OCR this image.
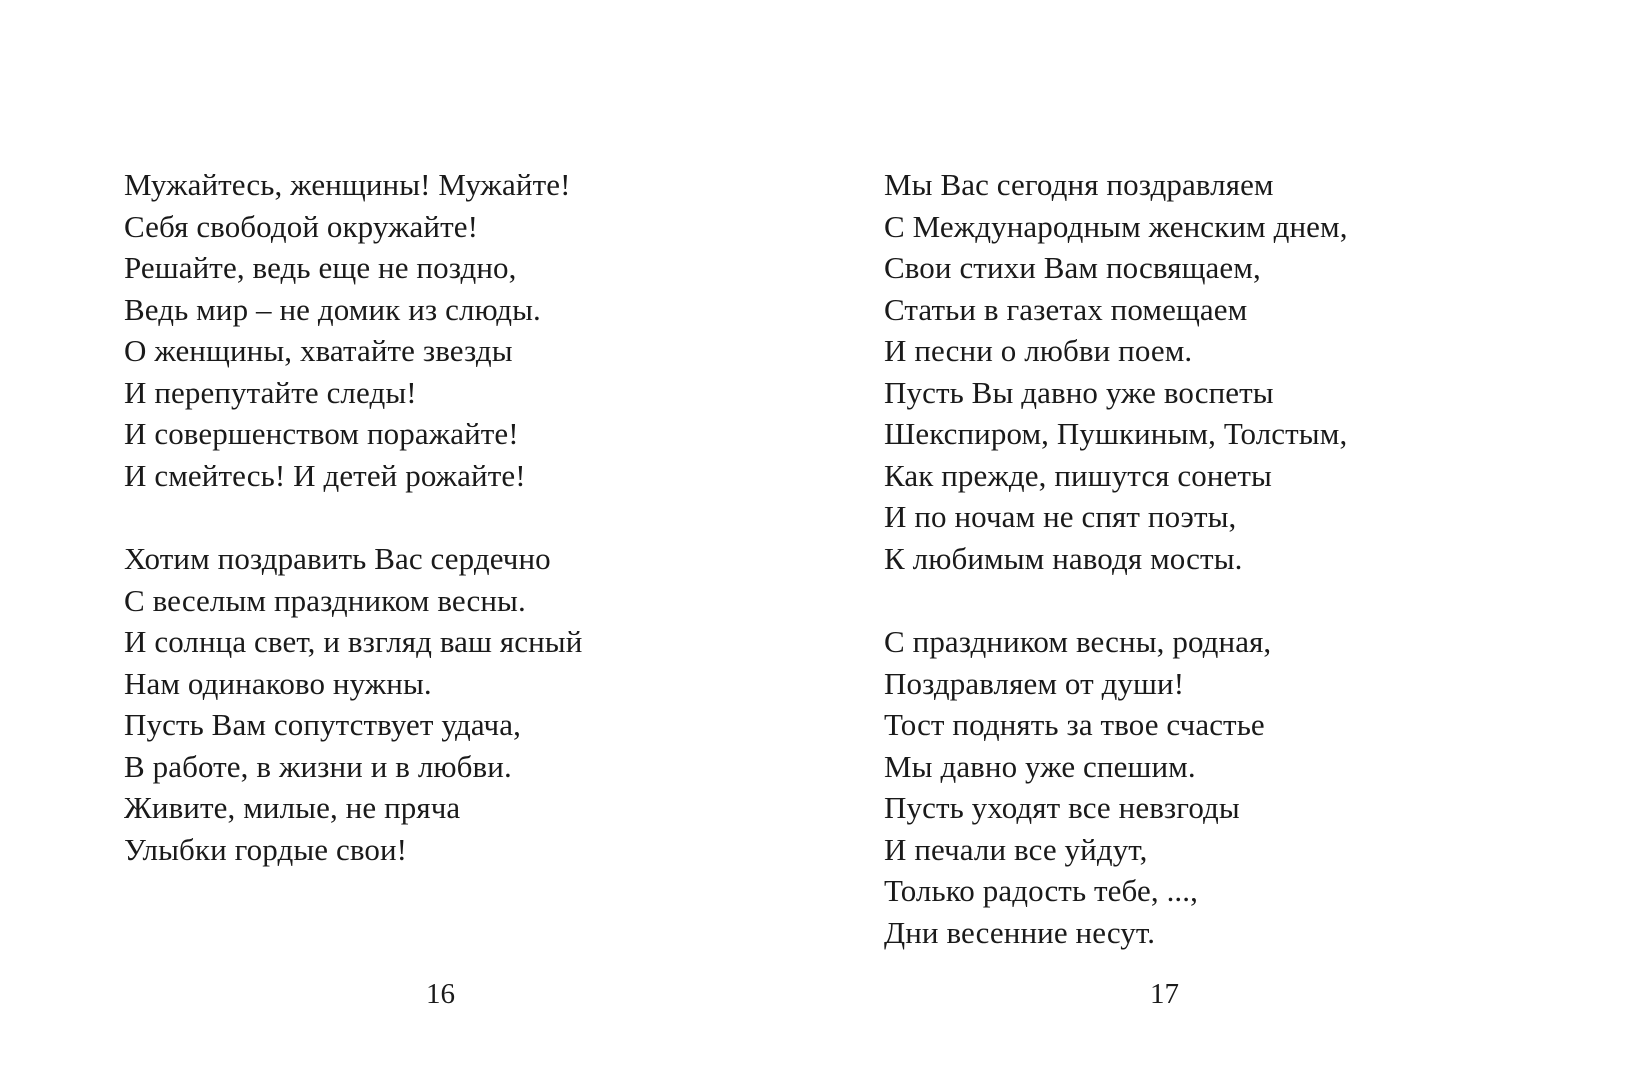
Мужайтесь, женщины! Мужайте!
Себя свободой окружайте!
Решайте, ведь еще не поздно,
Ведь мир – не домик из слюды.
О женщины, хватайте звезды
И перепутайте следы!
И совершенством поражайте!
И смейтесь! И детей рожайте!
Хотим поздравить Вас сердечно
С веселым праздником весны.
И солнца свет, и взгляд ваш ясный
Нам одинаково нужны.
Пусть Вам сопутствует удача,
В работе, в жизни и в любви.
Живите, милые, не пряча
Улыбки гордые свои!
16
Мы Вас сегодня поздравляем
С Международным женским днем,
Свои стихи Вам посвящаем,
Статьи в газетах помещаем
И песни о любви поем.
Пусть Вы давно уже воспеты
Шекспиром, Пушкиным, Толстым,
Как прежде, пишутся сонеты
И по ночам не спят поэты,
К любимым наводя мосты.
С праздником весны, родная,
Поздравляем от души!
Тост поднять за твое счастье
Мы давно уже спешим.
Пусть уходят все невзгоды
И печали все уйдут,
Только радость тебе, ...,
Дни весенние несут.
17
